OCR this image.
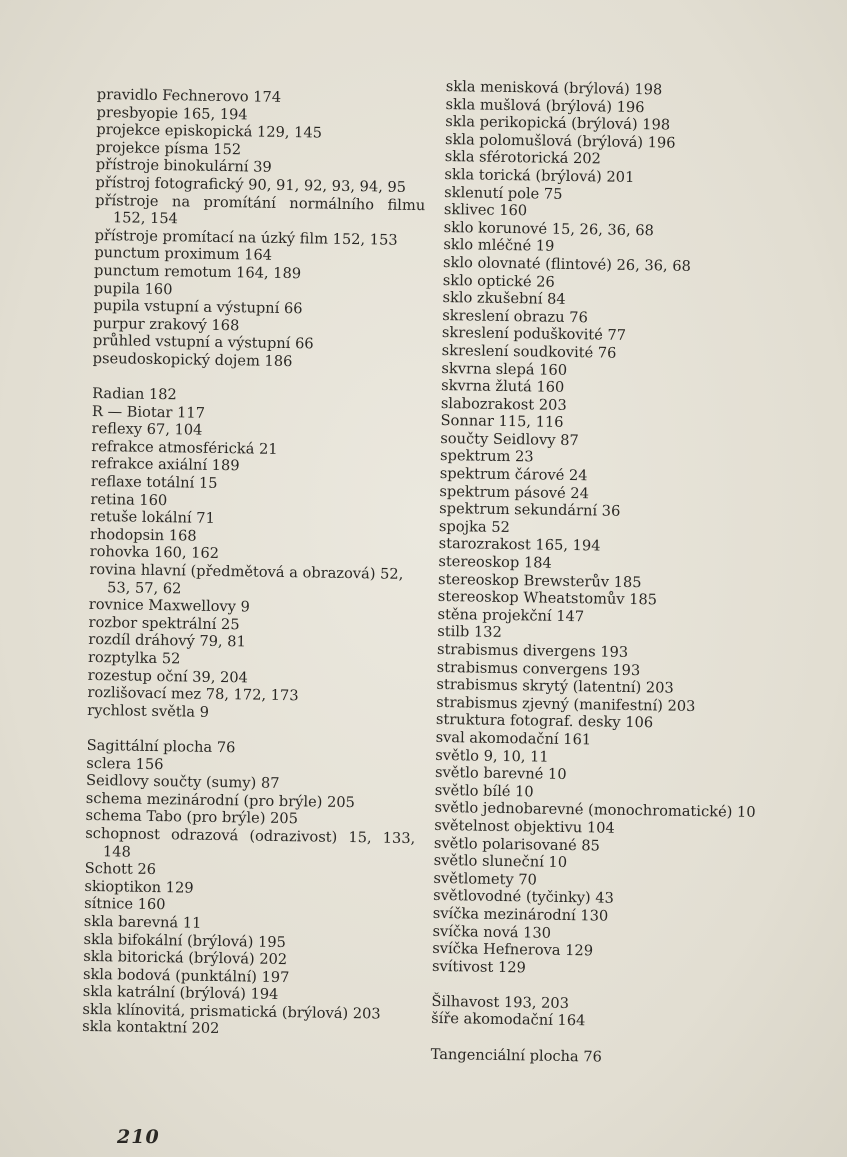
pravidlo Fechnerovo 174

presbyopie 165, 194

projekce episkopická 129, 145

projekce písma 152

přístroje binokulární 39

přístroj fotografický 90, 91, 92, 93, 94, 95

přístroje na promítání normálního filmu 152, 154

přístroje promítací na úzký film 152, 153

punctum proximum 164

punctum remotum 164, 189

pupila 160

pupila vstupní a výstupní 66

purpur zrakový 168

průhled vstupní a výstupní 66

pseudoskopický dojem 186

Radian 182

R — Biotar 117

reflexy 67, 104

refrakce atmosférická 21

refrakce axiální 189

reflaxe totální 15

retina 160

retuše lokální 71

rhodopsin 168

rohovka 160, 162

rovina hlavní (předmětová a obrazová) 52, 53, 57, 62

rovnice Maxwellovy 9

rozbor spektrální 25

rozdíl dráhový 79, 81

rozptylka 52

rozestup oční 39, 204

rozlišovací mez 78, 172, 173

rychlost světla 9

Sagittální plocha 76

sclera 156

Seidlovy součty (sumy) 87

schema mezinárodní (pro brýle) 205

schema Tabo (pro brýle) 205

schopnost odrazová (odrazivost) 15, 133, 148

Schott 26

skioptikon 129

sítnice 160

skla barevná 11

skla bifokální (brýlová) 195

skla bitorická (brýlová) 202

skla bodová (punktální) 197

skla katrální (brýlová) 194

skla klínovitá, prismatická (brýlová) 203

skla kontaktní 202

skla menisková (brýlová) 198

skla mušlová (brýlová) 196

skla perikopická (brýlová) 198

skla polomušlová (brýlová) 196

skla sférotorická 202

skla torická (brýlová) 201

sklenutí pole 75

sklivec 160

sklo korunové 15, 26, 36, 68

sklo mléčné 19

sklo olovnaté (flintové) 26, 36, 68

sklo optické 26

sklo zkušební 84

skreslení obrazu 76

skreslení poduškovité 77

skreslení soudkovité 76

skvrna slepá 160

skvrna žlutá 160

slabozrakost 203

Sonnar 115, 116

součty Seidlovy 87

spektrum 23

spektrum čárové 24

spektrum pásové 24

spektrum sekundární 36

spojka 52

starozrakost 165, 194

stereoskop 184

stereoskop Brewsterův 185

stereoskop Wheatstomův 185

stěna projekční 147

stilb 132

strabismus divergens 193

strabismus convergens 193

strabismus skrytý (latentní) 203

strabismus zjevný (manifestní) 203

struktura fotograf. desky 106

sval akomodační 161

světlo 9, 10, 11

světlo barevné 10

světlo bílé 10

světlo jednobarevné (monochromatické) 10

světelnost objektivu 104

světlo polarisované 85

světlo sluneční 10

světlomety 70

světlovodné (tyčinky) 43

svíčka mezinárodní 130

svíčka nová 130

svíčka Hefnerova 129

svítivost 129

Šilhavost 193, 203

šíře akomodační 164

Tangenciální plocha 76

210
